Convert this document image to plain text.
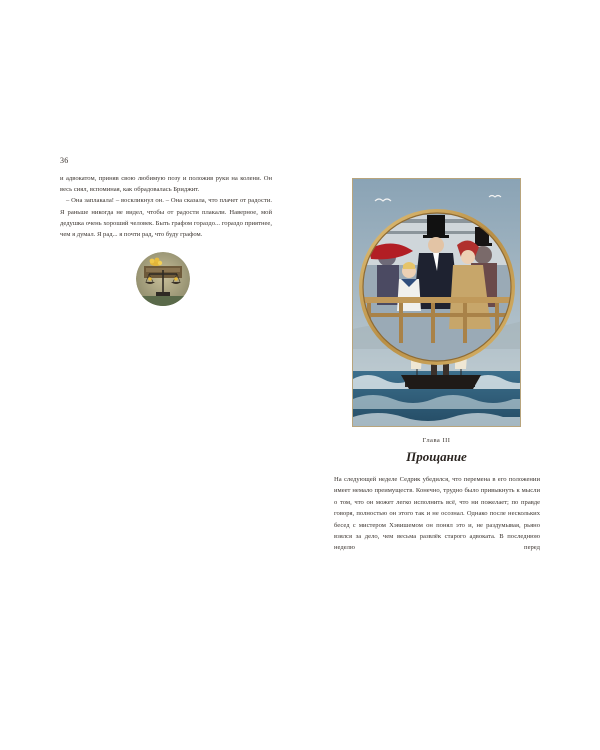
36

и адвокатом, приняв свою любимую позу и положив руки на колени. Он весь сиял, вспоминая, как обрадовалась Бриджит.

– Она заплакала! – воскликнул он. – Она сказала, что плачет от радости. Я раньше никогда не видел, чтобы от радости плакали. Наверное, мой дедушка очень хороший человек. Быть графом гораздо... гораздо приятнее, чем я думал. Я рад... я почти рад, что буду графом.

Глава III
Прощание

На следующей неделе Седрик убедился, что перемена в его положении имеет немало преимуществ. Конечно, трудно было привыкнуть к мысли о том, что он может легко исполнить всё, что ни пожелает; по правде говоря, полностью он этого так и не осознал. Однако после нескольких бесед с мистером Хэвишемом он понял это и, не раздумывая, рьяно взялся за дело, чем весьма развлёк старого адвоката. В последнюю неделю перед
